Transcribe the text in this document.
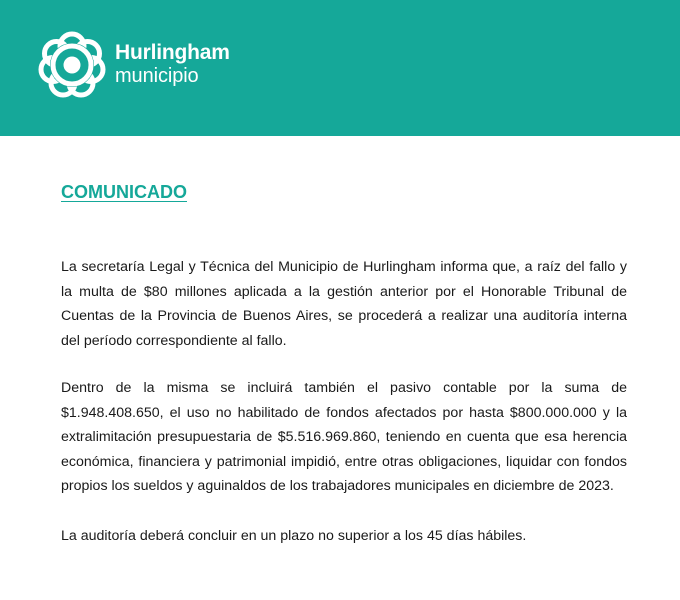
Hurlingham
municipio
COMUNICADO

La secretaría Legal y Técnica del Municipio de Hurlingham informa que, a raíz del fallo y la multa de $80 millones aplicada a la gestión anterior por el Honorable Tribunal de Cuentas de la Provincia de Buenos Aires, se procederá a realizar una auditoría interna del período correspondiente al fallo.

Dentro de la misma se incluirá también el pasivo contable por la suma de $1.948.408.650, el uso no habilitado de fondos afectados por hasta $800.000.000 y la extralimitación presupuestaria de $5.516.969.860, teniendo en cuenta que esa herencia económica, financiera y patrimonial impidió, entre otras obligaciones, liquidar con fondos propios los sueldos y aguinaldos de los trabajadores municipales en diciembre de 2023.

La auditoría deberá concluir en un plazo no superior a los 45 días hábiles.
